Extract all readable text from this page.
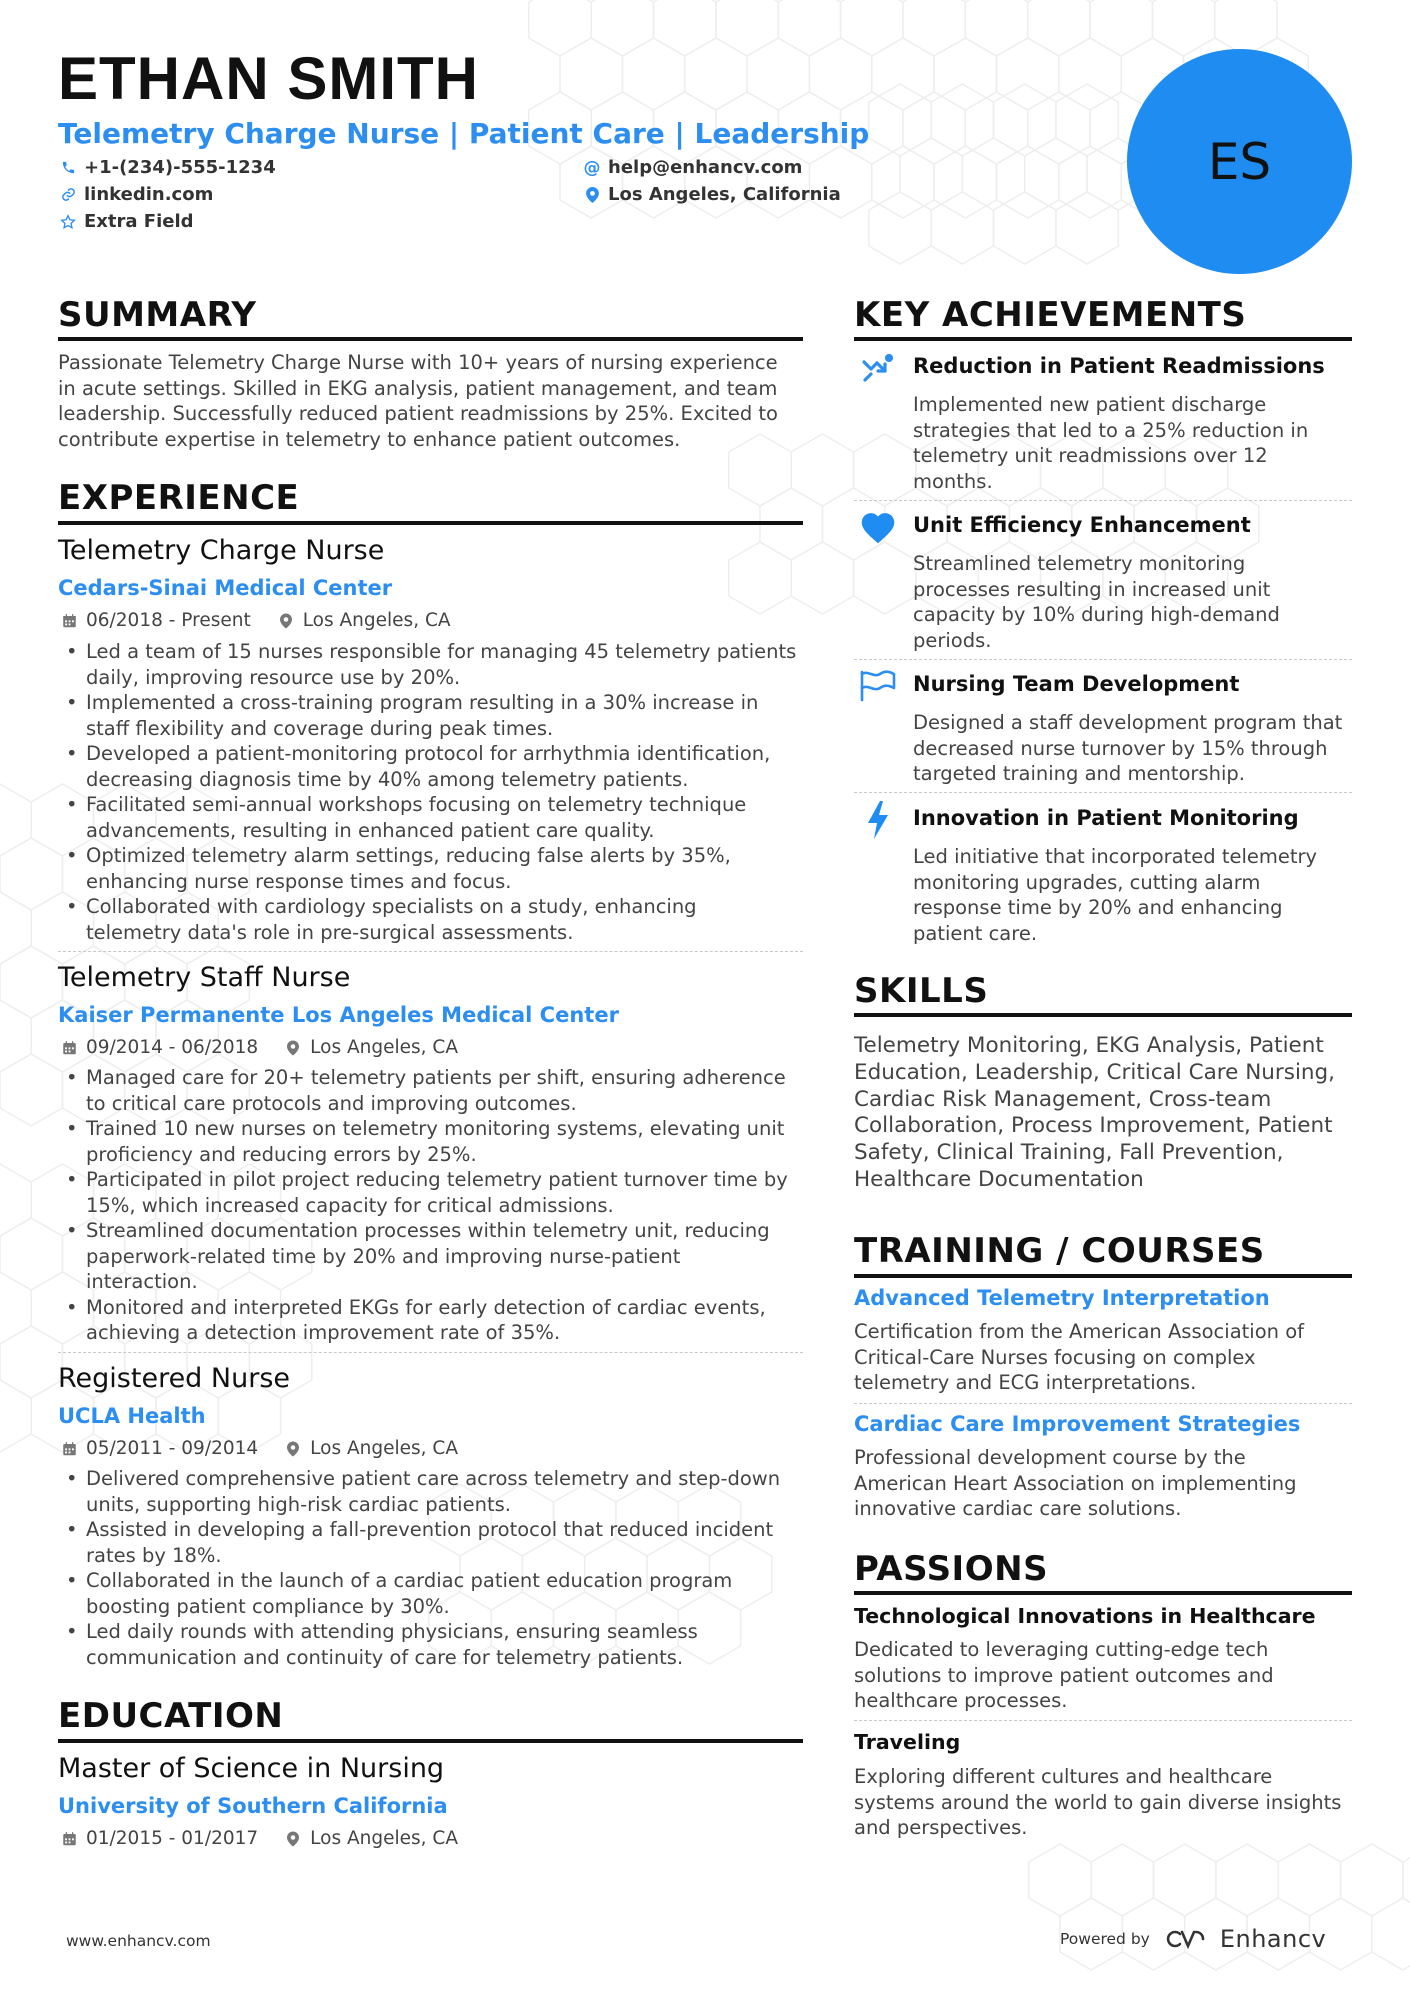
ETHAN SMITH
Telemetry Charge Nurse | Patient Care | Leadership
+1-(234)-555-1234	@ help@enhancv.com
linkedin.com	Los Angeles, California
Extra Field
ES
SUMMARY
Passionate Telemetry Charge Nurse with 10+ years of nursing experience
in acute settings. Skilled in EKG analysis, patient management, and team
leadership. Successfully reduced patient readmissions by 25%. Excited to
contribute expertise in telemetry to enhance patient outcomes.
EXPERIENCE
Telemetry Charge Nurse
Cedars-Sinai Medical Center
06/2018 - Present	Los Angeles, CA
• Led a team of 15 nurses responsible for managing 45 telemetry patients
daily, improving resource use by 20%.
• Implemented a cross-training program resulting in a 30% increase in
staff flexibility and coverage during peak times.
• Developed a patient-monitoring protocol for arrhythmia identification,
decreasing diagnosis time by 40% among telemetry patients.
• Facilitated semi-annual workshops focusing on telemetry technique
advancements, resulting in enhanced patient care quality.
• Optimized telemetry alarm settings, reducing false alerts by 35%,
enhancing nurse response times and focus.
• Collaborated with cardiology specialists on a study, enhancing
telemetry data's role in pre-surgical assessments.
Telemetry Staff Nurse
Kaiser Permanente Los Angeles Medical Center
09/2014 - 06/2018	Los Angeles, CA
• Managed care for 20+ telemetry patients per shift, ensuring adherence
to critical care protocols and improving outcomes.
• Trained 10 new nurses on telemetry monitoring systems, elevating unit
proficiency and reducing errors by 25%.
• Participated in pilot project reducing telemetry patient turnover time by
15%, which increased capacity for critical admissions.
• Streamlined documentation processes within telemetry unit, reducing
paperwork-related time by 20% and improving nurse-patient
interaction.
• Monitored and interpreted EKGs for early detection of cardiac events,
achieving a detection improvement rate of 35%.
Registered Nurse
UCLA Health
05/2011 - 09/2014	Los Angeles, CA
• Delivered comprehensive patient care across telemetry and step-down
units, supporting high-risk cardiac patients.
• Assisted in developing a fall-prevention protocol that reduced incident
rates by 18%.
• Collaborated in the launch of a cardiac patient education program
boosting patient compliance by 30%.
• Led daily rounds with attending physicians, ensuring seamless
communication and continuity of care for telemetry patients.
EDUCATION
Master of Science in Nursing
University of Southern California
01/2015 - 01/2017	Los Angeles, CA
KEY ACHIEVEMENTS
Reduction in Patient Readmissions
Implemented new patient discharge
strategies that led to a 25% reduction in
telemetry unit readmissions over 12
months.
Unit Efficiency Enhancement
Streamlined telemetry monitoring
processes resulting in increased unit
capacity by 10% during high-demand
periods.
Nursing Team Development
Designed a staff development program that
decreased nurse turnover by 15% through
targeted training and mentorship.
Innovation in Patient Monitoring
Led initiative that incorporated telemetry
monitoring upgrades, cutting alarm
response time by 20% and enhancing
patient care.
SKILLS
Telemetry Monitoring, EKG Analysis, Patient
Education, Leadership, Critical Care Nursing,
Cardiac Risk Management, Cross-team
Collaboration, Process Improvement, Patient
Safety, Clinical Training, Fall Prevention,
Healthcare Documentation
TRAINING / COURSES
Advanced Telemetry Interpretation
Certification from the American Association of
Critical-Care Nurses focusing on complex
telemetry and ECG interpretations.
Cardiac Care Improvement Strategies
Professional development course by the
American Heart Association on implementing
innovative cardiac care solutions.
PASSIONS
Technological Innovations in Healthcare
Dedicated to leveraging cutting-edge tech
solutions to improve patient outcomes and
healthcare processes.
Traveling
Exploring different cultures and healthcare
systems around the world to gain diverse insights
and perspectives.
www.enhancv.com	Powered by	Enhancv
